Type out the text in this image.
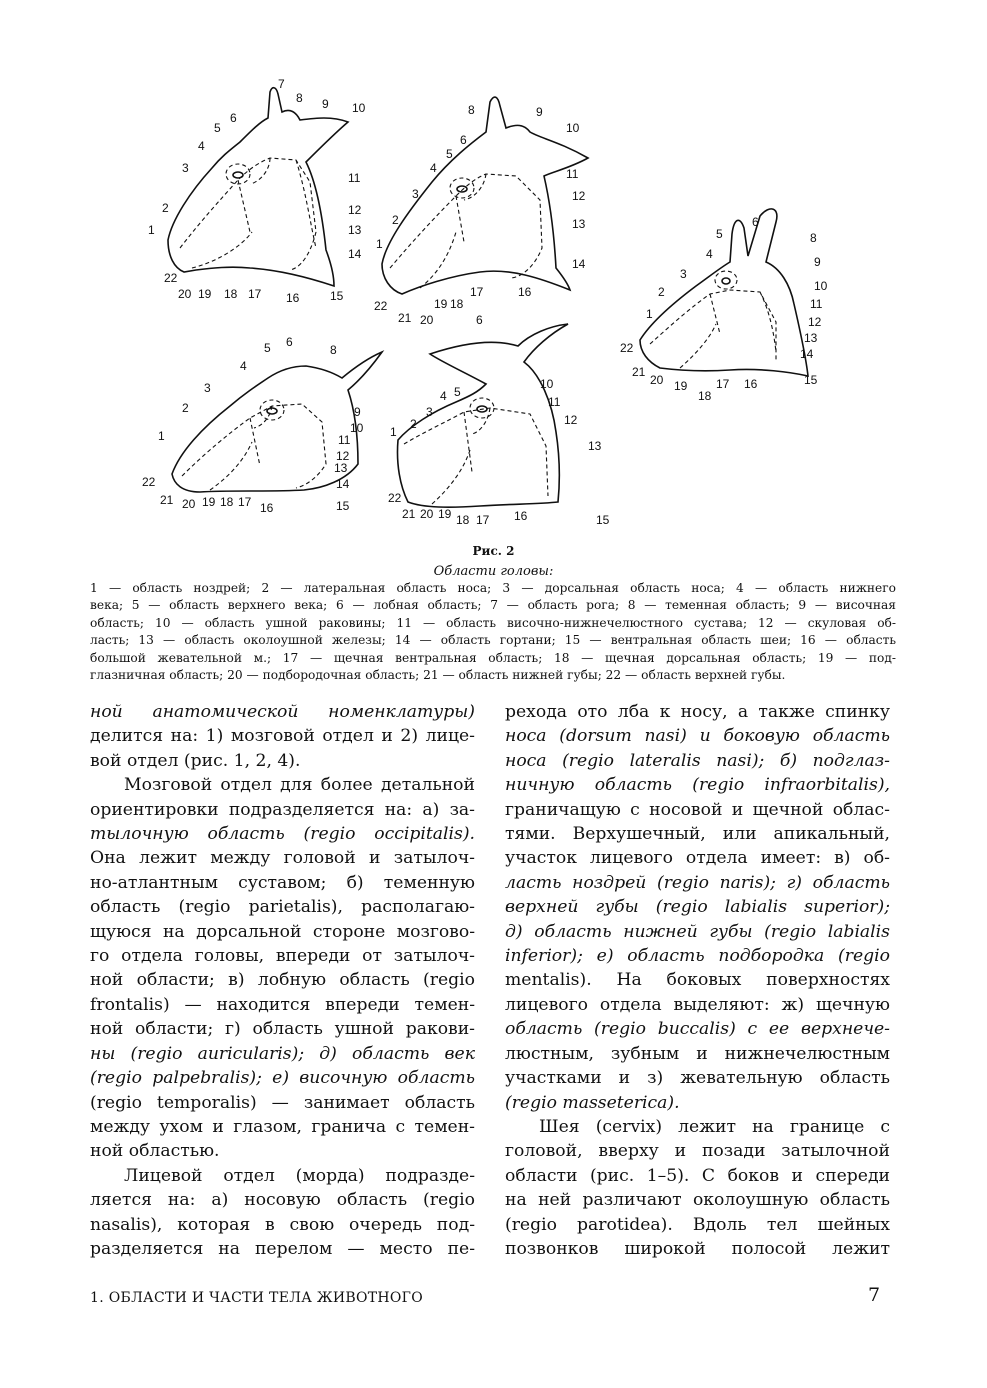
7
8 9 10
6
5
4
3
2
1
11
12
13
14
15
16
17
18
19
20
22
8	9
10
6
5
4
3
2
1
11
12
13
14
16
17
18
19
20
21
22
6
5
4
3
2
1
8
9
10
11
12
13
14
15
16
17
18
19
20
21
22
5 6
8
4
3
2
1
9
10
11
12
13
14
15
16
17
18
19
20
21
22
6
5
4
3
2
1
10
11
12
13
15
16
17
18
19
20
21
22
Рис. 2
Области головы:
1 — область ноздрей; 2 — латеральная область носа; 3 — дорсальная область носа; 4 — область нижнего
века; 5 — область верхнего века; 6 — лобная область; 7 — область рога; 8 — теменная область; 9 — височная
область; 10 — область ушной раковины; 11 — область височно-нижнечелюстного сустава; 12 — скуловая об-
ласть; 13 — область околоушной железы; 14 — область гортани; 15 — вентральная область шеи; 16 — область
большой жевательной м.; 17 — щечная вентральная область; 18 — щечная дорсальная область; 19 — под-
глазничная область; 20 — подбородочная область; 21 — область нижней губы; 22 — область верхней губы.
ной анатомической номенклатуры)
делится на: 1) мозговой отдел и 2) лице-
вой отдел (рис. 1, 2, 4).
Мозговой отдел для более детальной
ориентировки подразделяется на: а) за-
тылочную область (regio occipitalis).
Она лежит между головой и затылоч-
но-атлантным суставом; б) теменную
область (regio parietalis), располагаю-
щуюся на дорсальной стороне мозгово-
го отдела головы, впереди от затылоч-
ной области; в) лобную область (regio
frontalis) — находится впереди темен-
ной области; г) область ушной ракови-
ны (regio auricularis); д) область век
(regio palpebralis); е) височную область
(regio temporalis) — занимает область
между ухом и глазом, гранича с темен-
ной областью.
Лицевой отдел (морда) подразде-
ляется на: а) носовую область (regio
nasalis), которая в свою очередь под-
разделяется на перелом — место пе-
рехода ото лба к носу, а также спинку
носа (dorsum nasi) и боковую область
носа (regio lateralis nasi); б) подглаз-
ничную область (regio infraorbitalis),
граничащую с носовой и щечной облас-
тями. Верхушечный, или апикальный,
участок лицевого отдела имеет: в) об-
ласть ноздрей (regio naris); г) область
верхней губы (regio labialis superior);
д) область нижней губы (regio labialis
inferior); е) область подбородка (regio
mentalis). На боковых поверхностях
лицевого отдела выделяют: ж) щечную
область (regio buccalis) с ее верхнече-
люстным, зубным и нижнечелюстным
участками и з) жевательную область
(regio masseterica).
Шея (cervix) лежит на границе с
головой, вверху и позади затылочной
области (рис. 1–5). С боков и спереди
на ней различают околоушную область
(regio parotidea). Вдоль тел шейных
позвонков широкой полосой лежит
1. ОБЛАСТИ И ЧАСТИ ТЕЛА ЖИВОТНОГО	7
